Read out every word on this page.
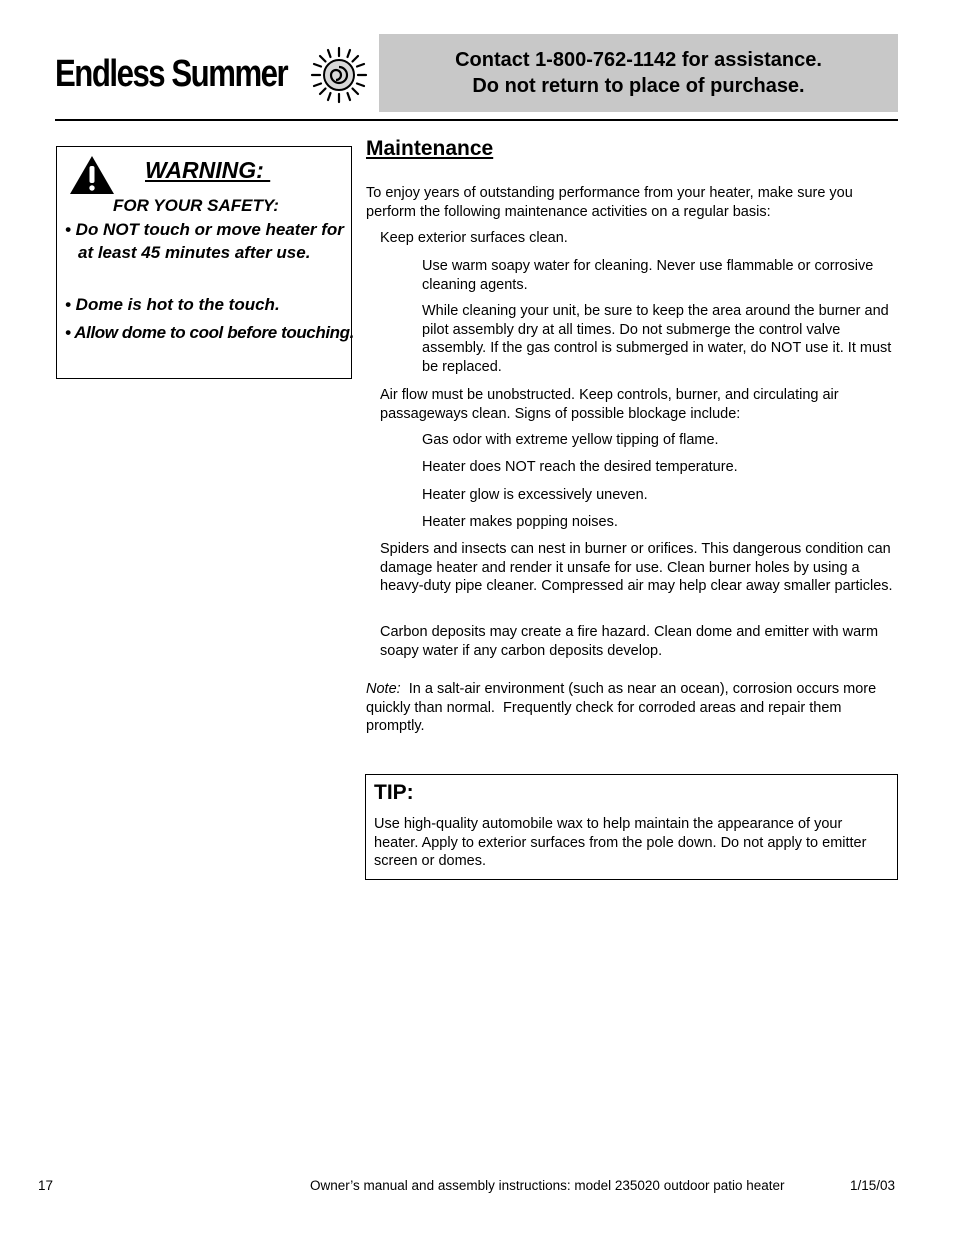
Endless Summer	Contact 1-800-762-1142 for assistance.
Do not return to place of purchase.
WARNING:
FOR YOUR SAFETY:
• Do NOT touch or move heater for at least 45 minutes after use.
• Dome is hot to the touch.
• Allow dome to cool before touching.
Maintenance
To enjoy years of outstanding performance from your heater, make sure you perform the following maintenance activities on a regular basis:
Keep exterior surfaces clean.
Use warm soapy water for cleaning. Never use flammable or corrosive cleaning agents.
While cleaning your unit, be sure to keep the area around the burner and pilot assembly dry at all times. Do not submerge the control valve assembly. If the gas control is submerged in water, do NOT use it. It must be replaced.
Air flow must be unobstructed. Keep controls, burner, and circulating air passageways clean. Signs of possible blockage include:
Gas odor with extreme yellow tipping of flame.
Heater does NOT reach the desired temperature.
Heater glow is excessively uneven.
Heater makes popping noises.
Spiders and insects can nest in burner or orifices. This dangerous condition can damage heater and render it unsafe for use. Clean burner holes by using a heavy-duty pipe cleaner. Compressed air may help clear away smaller particles.
Carbon deposits may create a fire hazard. Clean dome and emitter with warm soapy water if any carbon deposits develop.
Note:  In a salt-air environment (such as near an ocean), corrosion occurs more quickly than normal.  Frequently check for corroded areas and repair them promptly.
TIP:
Use high-quality automobile wax to help maintain the appearance of your heater. Apply to exterior surfaces from the pole down. Do not apply to emitter screen or domes.
17	Owner’s manual and assembly instructions: model 235020 outdoor patio heater	1/15/03
